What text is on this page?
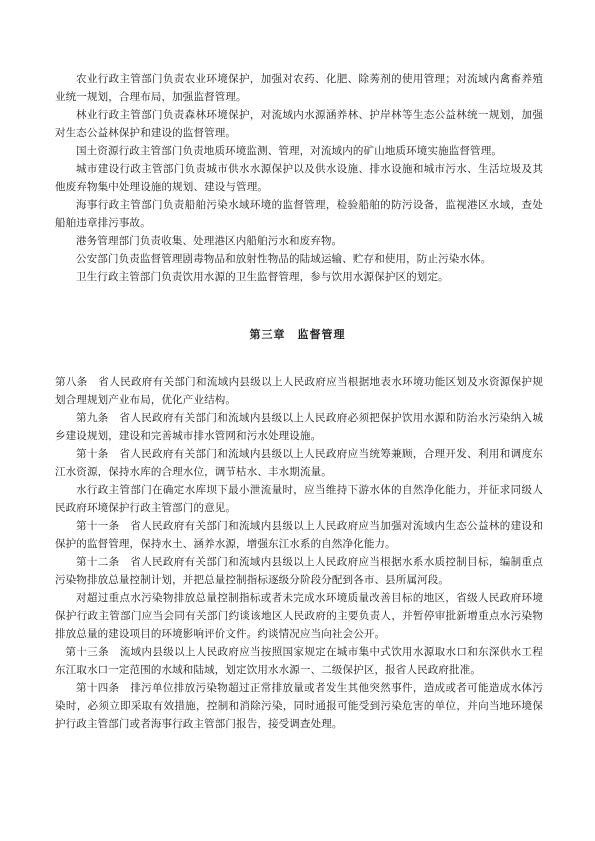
农业行政主管部门负责农业环境保护，加强对农药、化肥、除莠剂的使用管理；对流域内禽畜养殖业统一规划，合理布局，加强监督管理。

林业行政主管部门负责森林环境保护，对流域内水源涵养林、护岸林等生态公益林统一规划，加强对生态公益林保护和建设的监督管理。

国土资源行政主管部门负责地质环境监测、管理，对流域内的矿山地质环境实施监督管理。

城市建设行政主管部门负责城市供水水源保护以及供水设施、排水设施和城市污水、生活垃圾及其他废弃物集中处理设施的规划、建设与管理。

海事行政主管部门负责船舶污染水域环境的监督管理，检验船舶的防污设备，监视港区水域，查处船舶违章排污事故。

港务管理部门负责收集、处理港区内船舶污水和废弃物。

公安部门负责监督管理剧毒物品和放射性物品的陆域运输、贮存和使用，防止污染水体。

卫生行政主管部门负责饮用水源的卫生监督管理，参与饮用水源保护区的划定。

第三章　监督管理

第八条　省人民政府有关部门和流域内县级以上人民政府应当根据地表水环境功能区划及水资源保护规划合理规划产业布局，优化产业结构。

第九条　省人民政府有关部门和流域内县级以上人民政府必须把保护饮用水源和防治水污染纳入城乡建设规划，建设和完善城市排水管网和污水处理设施。

第十条　省人民政府有关部门和流域内县级以上人民政府应当统筹兼顾，合理开发、利用和调度东江水资源，保持水库的合理水位，调节枯水、丰水期流量。

水行政主管部门在确定水库坝下最小泄流量时，应当维持下游水体的自然净化能力，并征求同级人民政府环境保护行政主管部门的意见。

第十一条　省人民政府有关部门和流域内县级以上人民政府应当加强对流域内生态公益林的建设和保护的监督管理，保持水土、涵养水源，增强东江水系的自然净化能力。

第十二条　省人民政府有关部门和流域内县级以上人民政府应当根据水系水质控制目标，编制重点污染物排放总量控制计划，并把总量控制指标逐级分阶段分配到各市、县所属河段。

对超过重点水污染物排放总量控制指标或者未完成水环境质量改善目标的地区，省级人民政府环境保护行政主管部门应当会同有关部门约谈该地区人民政府的主要负责人，并暂停审批新增重点水污染物排放总量的建设项目的环境影响评价文件。约谈情况应当向社会公开。

第十三条　流域内县级以上人民政府应当按照国家规定在城市集中式饮用水源取水口和东深供水工程东江取水口一定范围的水域和陆域，划定饮用水水源一、二级保护区，报省人民政府批准。

第十四条　排污单位排放污染物超过正常排放量或者发生其他突然事件，造成或者可能造成水体污染时，必须立即采取有效措施，控制和消除污染，同时通报可能受到污染危害的单位，并向当地环境保护行政主管部门或者海事行政主管部门报告，接受调查处理。
